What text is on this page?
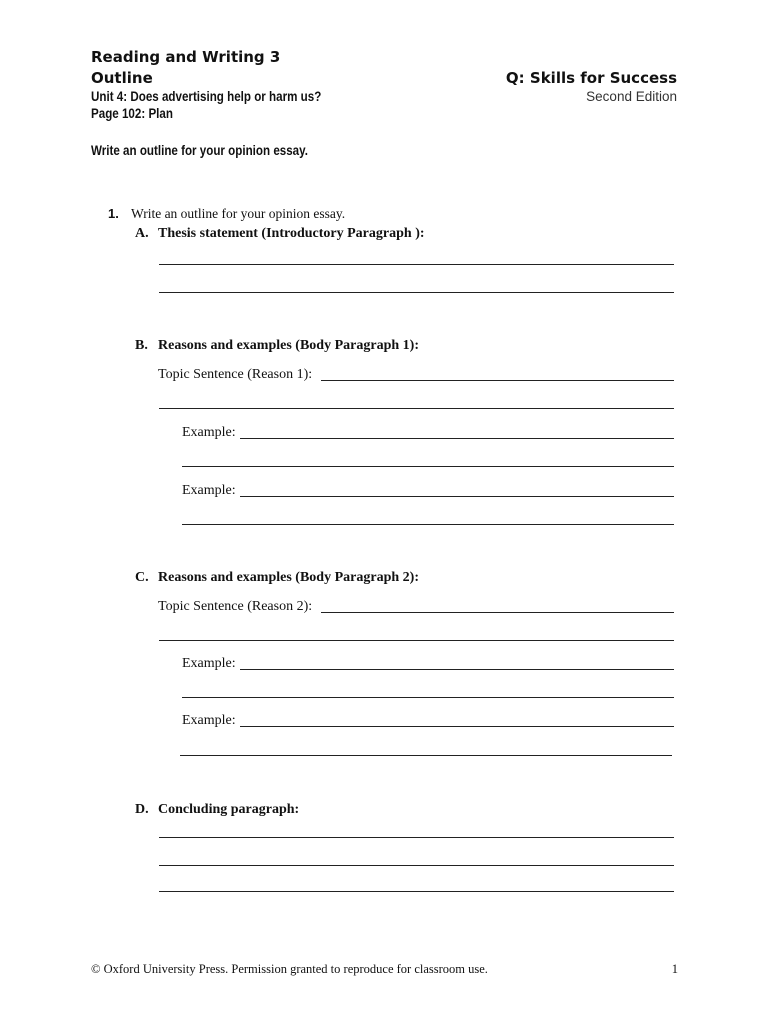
Reading and Writing 3
Outline
Unit 4: Does advertising help or harm us?
Page 102: Plan
Q: Skills for Success
Second Edition
Write an outline for your opinion essay.
1. Write an outline for your opinion essay.
A. Thesis statement (Introductory Paragraph ):
B. Reasons and examples (Body Paragraph 1):
Topic Sentence (Reason 1):
Example:
Example:
C. Reasons and examples (Body Paragraph 2):
Topic Sentence (Reason 2):
Example:
Example:
D. Concluding paragraph:
© Oxford University Press. Permission granted to reproduce for classroom use.	1
